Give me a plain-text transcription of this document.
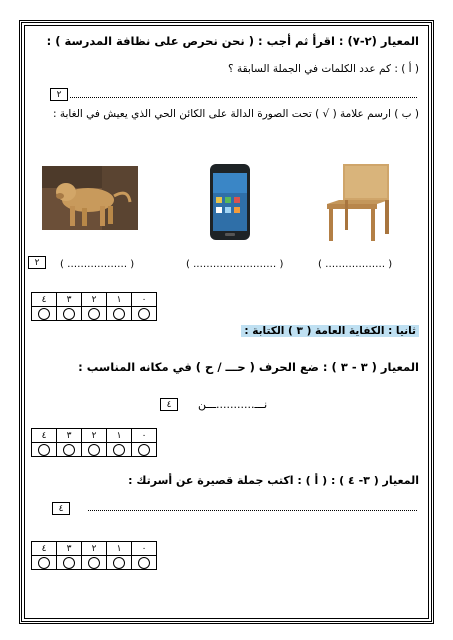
المعيار (٢-٧) : اقرأ ثم أجب : ( نحن نحرص على نظافة المدرسة ) :
( أ ) : كم عدد الكلمات في الجملة السابقة ؟
٢
( ب ) ارسم علامة ( √ ) تحت الصورة الدالة على الكائن الحي الذي يعيش في الغابة :
( ……………… )	( ……………………. )	( ……………… )
٢
٤	٣	٢	١	٠

ثانيا : الكفاية العامة ( ٣ ) الكتابة :
المعيار ( ٣ - ٣ ) : ضع الحرف ( حـــ / ح ) في مكانه المناسب :
نـــ...........ـــن
٤
٤	٣	٢	١	٠

المعيار ( ٣- ٤ ) : ( أ ) : اكتب جملة قصيرة عن أسرتك :
٤
٤	٣	٢	١	٠
